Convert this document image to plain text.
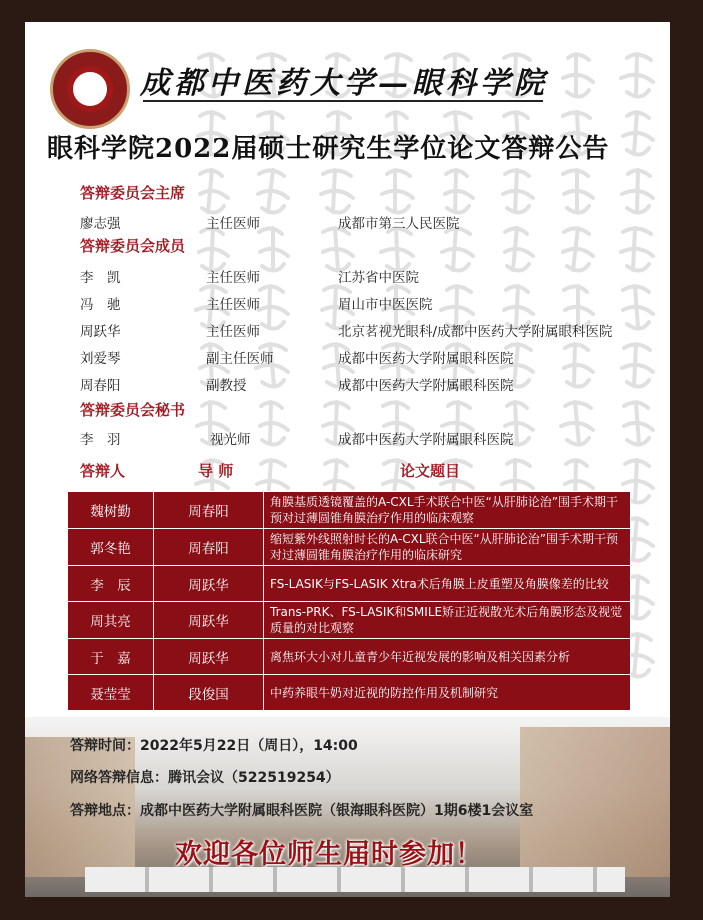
成都中医药大学—眼科学院
眼科学院2022届硕士研究生学位论文答辩公告
答辩委员会主席
廖志强	主任医师	成都市第三人民医院
答辩委员会成员
李　凯	主任医师	江苏省中医院
冯　驰	主任医师	眉山市中医医院
周跃华	主任医师	北京茗视光眼科/成都中医药大学附属眼科医院
刘爱琴	副主任医师	成都中医药大学附属眼科医院
周春阳	副教授	成都中医药大学附属眼科医院
答辩委员会秘书
李　羽	视光师	成都中医药大学附属眼科医院
答辩人	导 师	论文题目
魏树勤	周春阳	角膜基质透镜覆盖的A-CXL手术联合中医“从肝肺论治”围手术期干预对过薄圆锥角膜治疗作用的临床观察
郭冬艳	周春阳	缩短紫外线照射时长的A-CXL联合中医“从肝肺论治”围手术期干预对过薄圆锥角膜治疗作用的临床研究
李　辰	周跃华	FS-LASIK与FS-LASIK Xtra术后角膜上皮重塑及角膜像差的比较
周其亮	周跃华	Trans-PRK、FS-LASIK和SMILE矫正近视散光术后角膜形态及视觉质量的对比观察
于　嘉	周跃华	离焦环大小对儿童青少年近视发展的影响及相关因素分析
聂莹莹	段俊国	中药养眼牛奶对近视的防控作用及机制研究
答辩时间：2022年5月22日（周日），14:00
网络答辩信息：腾讯会议（522519254）
答辩地点：成都中医药大学附属眼科医院（银海眼科医院）1期6楼1会议室
欢迎各位师生届时参加！
